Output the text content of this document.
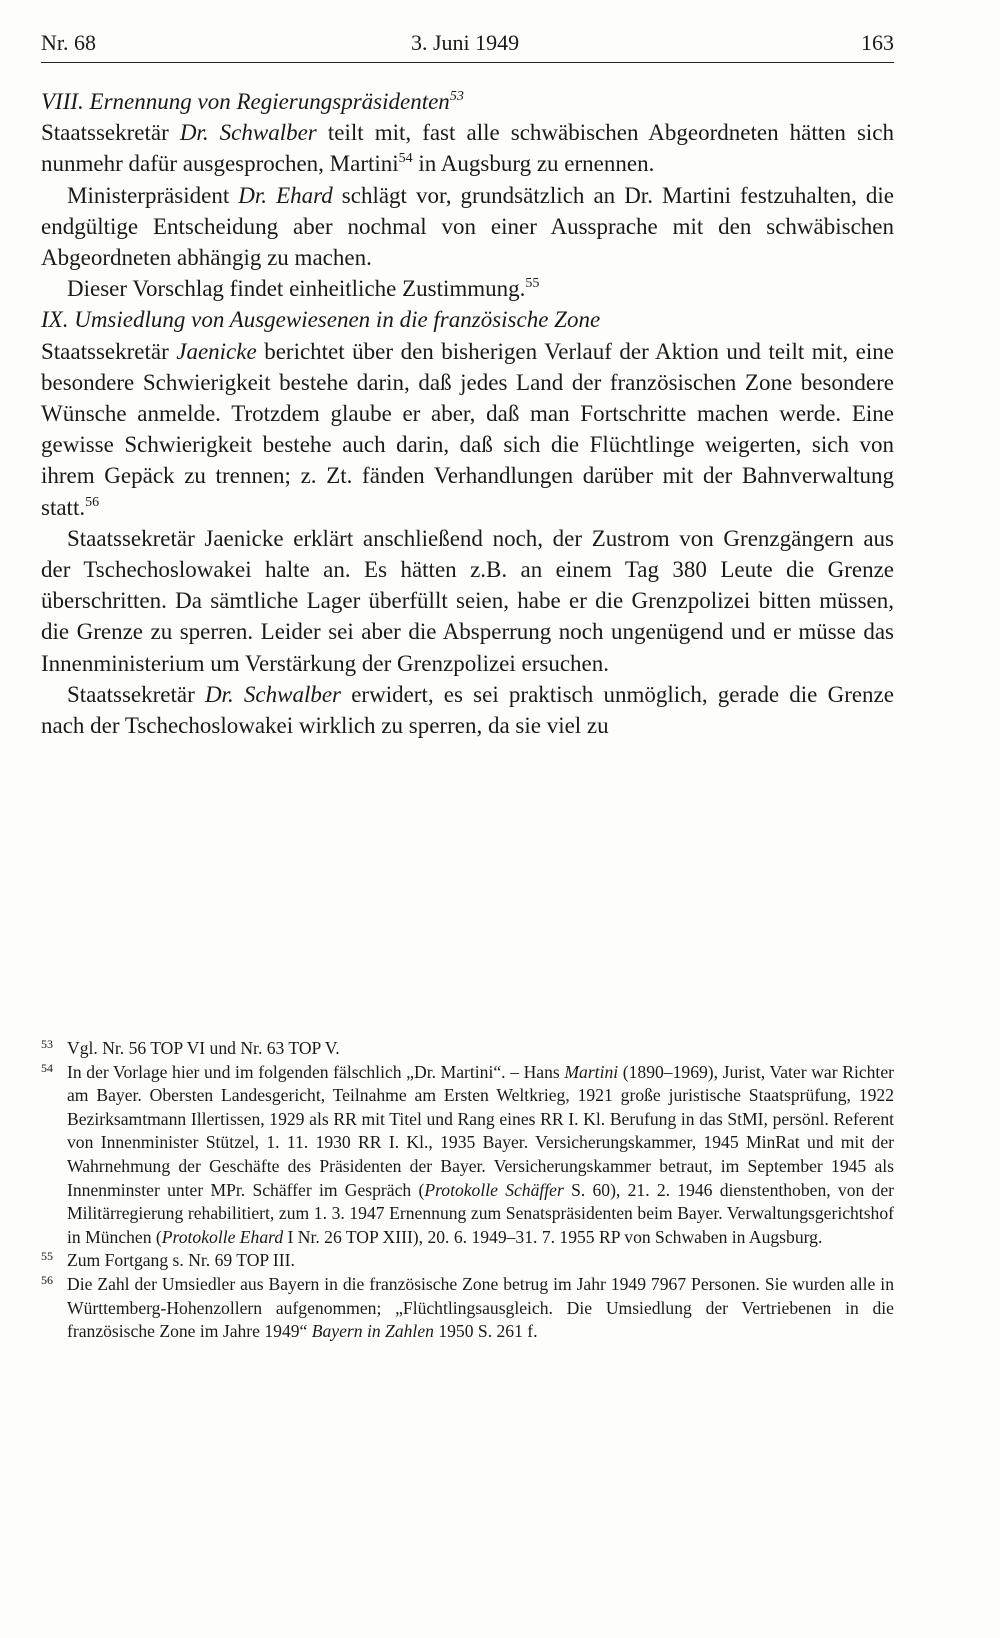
Nr. 68	3. Juni 1949	163

VIII. Ernennung von Regierungspräsidenten$^{53}$

Staatssekretär Dr. Schwalber teilt mit, fast alle schwäbischen Abgeordneten hätten sich nunmehr dafür ausgesprochen, Martini$^{54}$ in Augsburg zu ernennen.

Ministerpräsident Dr. Ehard schlägt vor, grundsätzlich an Dr. Martini festzuhalten, die endgültige Entscheidung aber nochmal von einer Aussprache mit den schwäbischen Abgeordneten abhängig zu machen.

Dieser Vorschlag findet einheitliche Zustimmung.$^{55}$

IX. Umsiedlung von Ausgewiesenen in die französische Zone

Staatssekretär Jaenicke berichtet über den bisherigen Verlauf der Aktion und teilt mit, eine besondere Schwierigkeit bestehe darin, daß jedes Land der französischen Zone besondere Wünsche anmelde. Trotzdem glaube er aber, daß man Fortschritte machen werde. Eine gewisse Schwierigkeit bestehe auch darin, daß sich die Flüchtlinge weigerten, sich von ihrem Gepäck zu trennen; z. Zt. fänden Verhandlungen darüber mit der Bahnverwaltung statt.$^{56}$

Staatssekretär Jaenicke erklärt anschließend noch, der Zustrom von Grenzgängern aus der Tschechoslowakei halte an. Es hätten z.B. an einem Tag 380 Leute die Grenze überschritten. Da sämtliche Lager überfüllt seien, habe er die Grenzpolizei bitten müssen, die Grenze zu sperren. Leider sei aber die Absperrung noch ungenügend und er müsse das Innenministerium um Verstärkung der Grenzpolizei ersuchen.

Staatssekretär Dr. Schwalber erwidert, es sei praktisch unmöglich, gerade die Grenze nach der Tschechoslowakei wirklich zu sperren, da sie viel zu

53 Vgl. Nr. 56 TOP VI und Nr. 63 TOP V.
54 In der Vorlage hier und im folgenden fälschlich „Dr. Martini“. – Hans Martini (1890–1969), Jurist, Vater war Richter am Bayer. Obersten Landesgericht, Teilnahme am Ersten Weltkrieg, 1921 große juristische Staatsprüfung, 1922 Bezirksamtmann Illertissen, 1929 als RR mit Titel und Rang eines RR I. Kl. Berufung in das StMI, persönl. Referent von Innenminister Stützel, 1. 11. 1930 RR I. Kl., 1935 Bayer. Versicherungskammer, 1945 MinRat und mit der Wahrnehmung der Geschäfte des Präsidenten der Bayer. Versicherungskammer betraut, im September 1945 als Innenminster unter MPr. Schäffer im Gespräch (Protokolle Schäffer S. 60), 21. 2. 1946 dienstenthoben, von der Militärregierung rehabilitiert, zum 1. 3. 1947 Ernennung zum Senatspräsidenten beim Bayer. Verwaltungsgerichtshof in München (Protokolle Ehard I Nr. 26 TOP XIII), 20. 6. 1949–31. 7. 1955 RP von Schwaben in Augsburg.
55 Zum Fortgang s. Nr. 69 TOP III.
56 Die Zahl der Umsiedler aus Bayern in die französische Zone betrug im Jahr 1949 7967 Personen. Sie wurden alle in Württemberg-Hohenzollern aufgenommen; „Flüchtlingsausgleich. Die Umsiedlung der Vertriebenen in die französische Zone im Jahre 1949“ Bayern in Zahlen 1950 S. 261 f.
